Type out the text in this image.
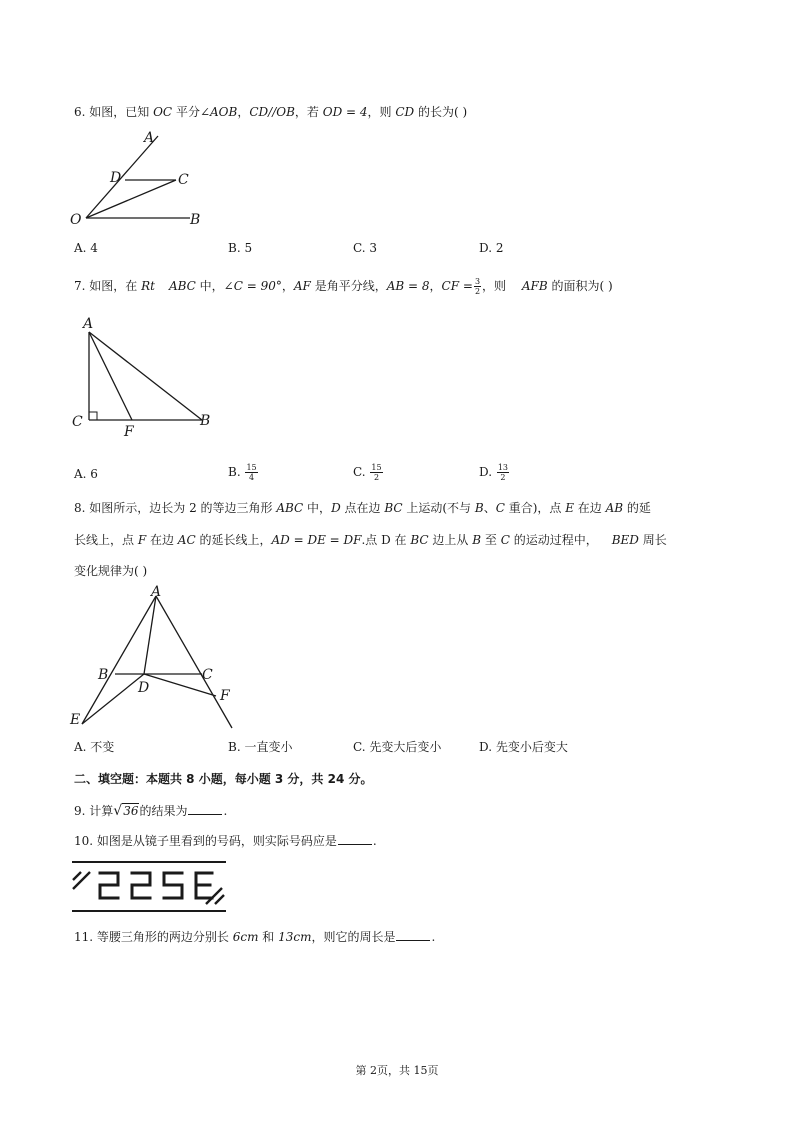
6. 如图，已知 OC 平分∠AOB，CD//OB，若 OD = 4，则 CD 的长为( )
A
D	C
O	B
A. 4	B. 5	C. 3	D. 2
7. 如图，在 Rt ABC 中，∠C = 90°，AF 是角平分线，AB = 8，CF = $\frac{3}{2}$ ，则 AFB 的面积为( )
A
C
F
B
A. 6	B. $\frac{15}{4}$	C. $\frac{15}{2}$	D. $\frac{13}{2}$
8. 如图所示，边长为 2 的等边三角形 ABC 中，D 点在边 BC 上运动(不与 B、C 重合)，点 E 在边 AB 的延
长线上，点 F 在边 AC 的延长线上，AD = DE = DF.点 D 在 BC 边上从 B 至 C 的运动过程中， BED 周长
变化规律为( )
A
B	C
D
E
F
A. 不变	B. 一直变小	C. 先变大后变小	D. 先变小后变大
二、填空题：本题共 8 小题，每小题 3 分，共 24 分。
9. 计算√36的结果为	.
10. 如图是从镜子里看到的号码，则实际号码应是	.
11. 等腰三角形的两边分别长 6cm 和 13cm，则它的周长是	.
第 2页，共 15页
